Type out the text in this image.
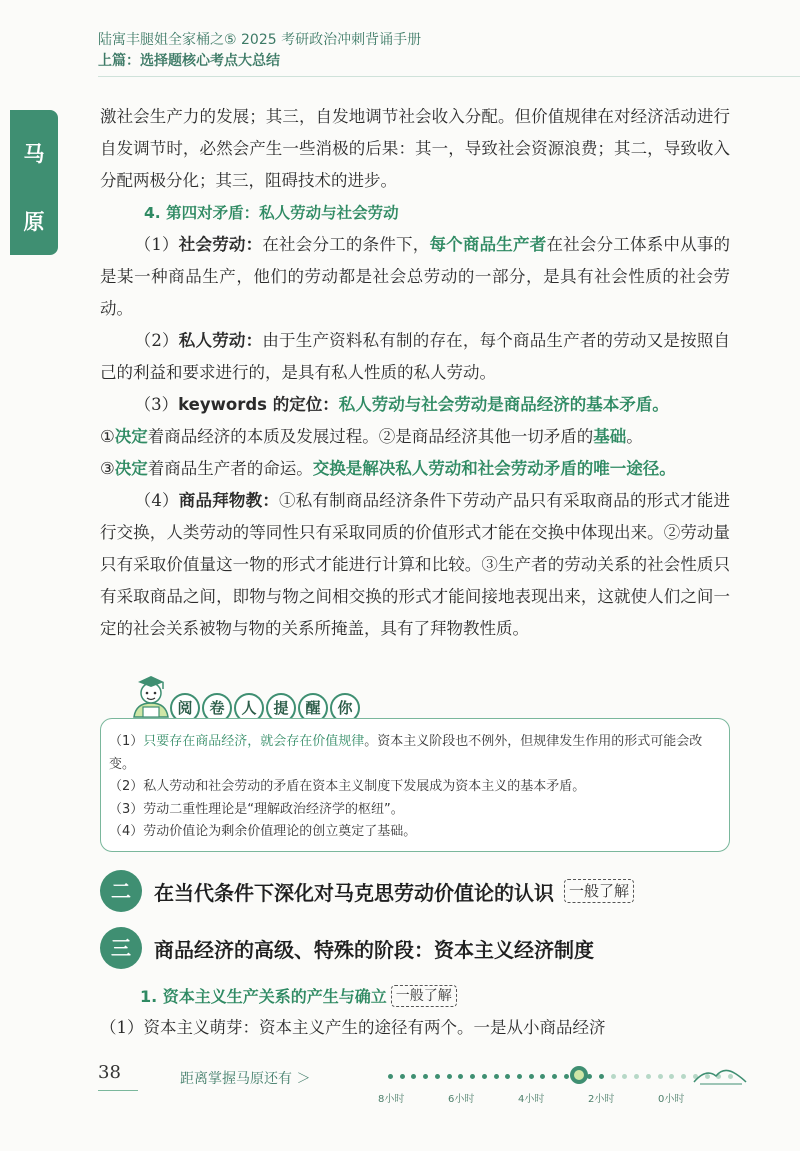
陆寓丰腿姐全家桶之⑤ 2025 考研政治冲刺背诵手册
上篇：选择题核心考点大总结
马
原

激社会生产力的发展；其三，自发地调节社会收入分配。但价值规律在对经济活动进行自发调节时，必然会产生一些消极的后果：其一，导致社会资源浪费；其二，导致收入分配两极分化；其三，阻碍技术的进步。

4. 第四对矛盾：私人劳动与社会劳动

（1）社会劳动：在社会分工的条件下，每个商品生产者在社会分工体系中从事的是某一种商品生产，他们的劳动都是社会总劳动的一部分，是具有社会性质的社会劳动。

（2）私人劳动：由于生产资料私有制的存在，每个商品生产者的劳动又是按照自己的利益和要求进行的，是具有私人性质的私人劳动。

（3）keywords 的定位：私人劳动与社会劳动是商品经济的基本矛盾。

①决定着商品经济的本质及发展过程。②是商品经济其他一切矛盾的基础。

③决定着商品生产者的命运。交换是解决私人劳动和社会劳动矛盾的唯一途径。

（4）商品拜物教：①私有制商品经济条件下劳动产品只有采取商品的形式才能进行交换，人类劳动的等同性只有采取同质的价值形式才能在交换中体现出来。②劳动量只有采取价值量这一物的形式才能进行计算和比较。③生产者的劳动关系的社会性质只有采取商品之间，即物与物之间相交换的形式才能间接地表现出来，这就使人们之间一定的社会关系被物与物的关系所掩盖，具有了拜物教性质。

阅	卷	人	提	醒	你

（1）只要存在商品经济，就会存在价值规律。资本主义阶段也不例外，但规律发生作用的形式可能会改变。

（2）私人劳动和社会劳动的矛盾在资本主义制度下发展成为资本主义的基本矛盾。

（3）劳动二重性理论是“理解政治经济学的枢纽”。

（4）劳动价值论为剩余价值理论的创立奠定了基础。

二	在当代条件下深化对马克思劳动价值论的认识	一般了解
三	商品经济的高级、特殊的阶段：资本主义经济制度
1. 资本主义生产关系的产生与确立 一般了解
（1）资本主义萌芽：资本主义产生的途径有两个。一是从小商品经济
38	距离掌握马原还有 ＞
8小时	6小时	4小时	2小时	0小时
